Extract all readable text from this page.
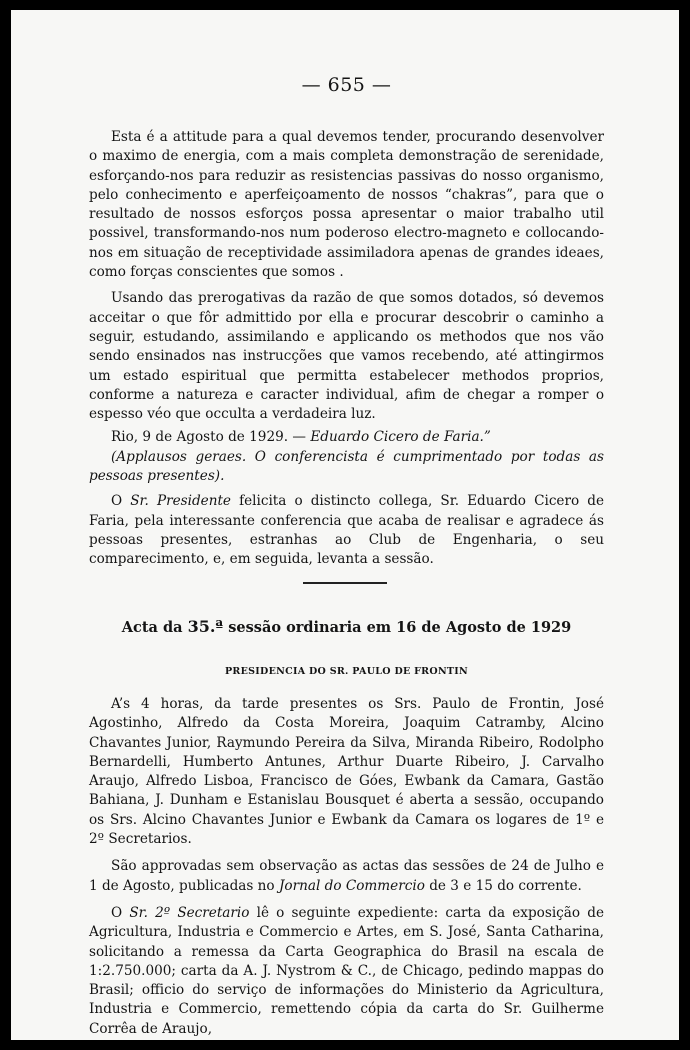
— 655 —

Esta é a attitude para a qual devemos tender, procurando desenvolver o maximo de energia, com a mais completa demonstração de serenidade, esforçando-nos para reduzir as resistencias passivas do nosso organismo, pelo conhecimento e aperfeiçoamento de nossos “chakras”, para que o resultado de nossos esforços possa apresentar o maior trabalho util possivel, transformando-nos num poderoso electro-magneto e collocando-nos em situação de receptividade assimiladora apenas de grandes ideaes, como forças conscientes que somos .

Usando das prerogativas da razão de que somos dotados, só devemos acceitar o que fôr admittido por ella e procurar descobrir o caminho a seguir, estudando, assimilando e applicando os methodos que nos vão sendo ensinados nas instrucções que vamos recebendo, até attingirmos um estado espiritual que permitta estabelecer methodos proprios, conforme a natureza e caracter individual, afim de chegar a romper o espesso véo que occulta a verdadeira luz.

Rio, 9 de Agosto de 1929. — Eduardo Cicero de Faria.”

(Applausos geraes. O conferencista é cumprimentado por todas as pessoas presentes).

O Sr. Presidente felicita o distincto collega, Sr. Eduardo Cicero de Faria, pela interessante conferencia que acaba de realisar e agradece ás pessoas presentes, estranhas ao Club de Engenharia, o seu comparecimento, e, em seguida, levanta a sessão.

Acta da 35.ª sessão ordinaria em 16 de Agosto de 1929
PRESIDENCIA DO SR. PAULO DE FRONTIN

A’s 4 horas, da tarde presentes os Srs. Paulo de Frontin, José Agostinho, Alfredo da Costa Moreira, Joaquim Catramby, Alcino Chavantes Junior, Raymundo Pereira da Silva, Miranda Ribeiro, Rodolpho Bernardelli, Humberto Antunes, Arthur Duarte Ribeiro, J. Carvalho Araujo, Alfredo Lisboa, Francisco de Góes, Ewbank da Camara, Gastão Bahiana, J. Dunham e Estanislau Bousquet é aberta a sessão, occupando os Srs. Alcino Chavantes Junior e Ewbank da Camara os logares de 1º e 2º Secretarios.

São approvadas sem observação as actas das sessões de 24 de Julho e 1 de Agosto, publicadas no Jornal do Commercio de 3 e 15 do corrente.

O Sr. 2º Secretario lê o seguinte expediente: carta da exposição de Agricultura, Industria e Commercio e Artes, em S. José, Santa Catharina, solicitando a remessa da Carta Geographica do Brasil na escala de 1:2.750.000; carta da A. J. Nystrom & C., de Chicago, pedindo mappas do Brasil; officio do serviço de informações do Ministerio da Agricultura, Industria e Commercio, remettendo cópia da carta do Sr. Guilherme Corrêa de Araujo,
